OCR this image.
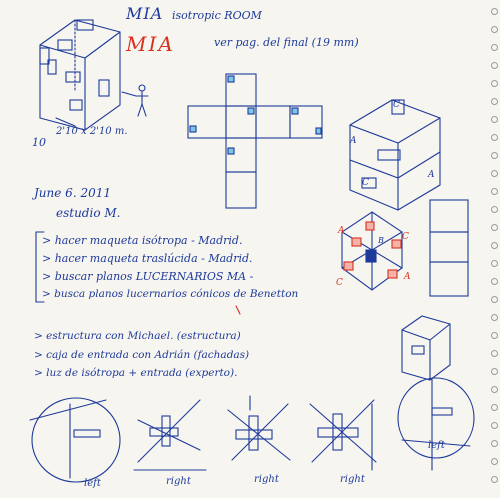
MIA isotropic ROOM
MIA	ver pag. del final (19 mm)
2'10 x 2'10 m.
10
C
A
A
C
A
C
B
C
A
June 6. 2011
estudio M.
> hacer maqueta isótropa - Madrid.
> hacer maqueta traslúcida - Madrid.
> buscar planos LUCERNARIOS MA -
> busca planos lucernarios cónicos de Benetton
> estructura con Michael. (estructura)
> caja de entrada con Adrián (fachadas)
> luz de isótropa + entrada (experto).
left	right	right	right
left
